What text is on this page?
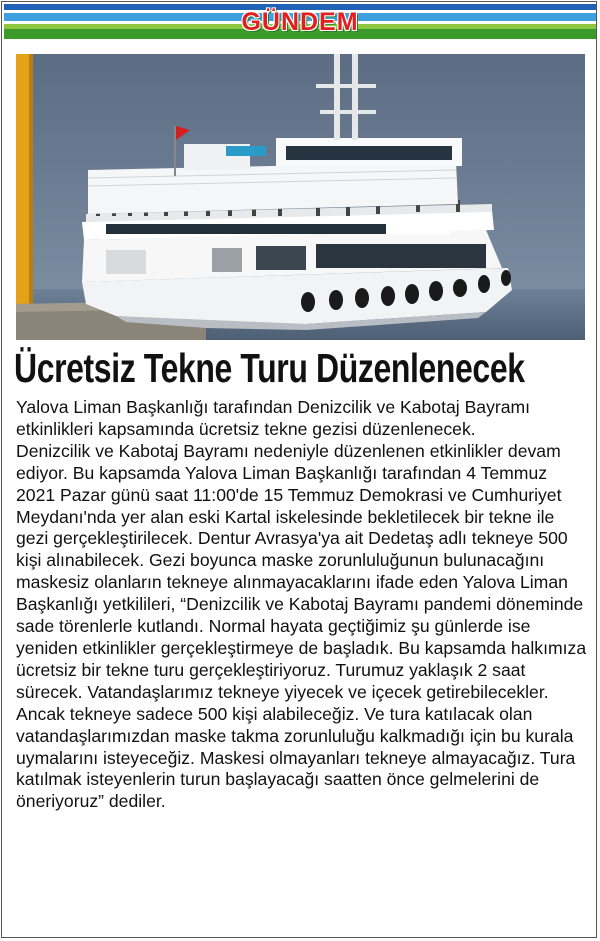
GÜNDEM
Ücretsiz Tekne Turu Düzenlenecek

Yalova Liman Başkanlığı tarafından Denizcilik ve Kabotaj Bayramı etkinlikleri kapsamında ücretsiz tekne gezisi düzenlenecek.

Denizcilik ve Kabotaj Bayramı nedeniyle düzenlenen etkinlikler devam ediyor. Bu kapsamda Yalova Liman Başkanlığı tarafından 4 Temmuz 2021 Pazar günü saat 11:00'de 15 Temmuz Demokrasi ve Cumhuriyet Meydanı'nda yer alan eski Kartal iskelesinde bekletilecek bir tekne ile gezi gerçekleştirilecek. Dentur Avrasya'ya ait Dedetaş adlı tekneye 500 kişi alınabilecek. Gezi boyunca maske zorunluluğunun bulunacağını maskesiz olanların tekneye alınmayacaklarını ifade eden Yalova Liman Başkanlığı yetkilileri, “Denizcilik ve Kabotaj Bayramı pandemi döneminde sade törenlerle kutlandı. Normal hayata geçtiğimiz şu günlerde ise yeniden etkinlikler gerçekleştirmeye de başladık. Bu kapsamda halkımıza ücretsiz bir tekne turu gerçekleştiriyoruz. Turumuz yaklaşık 2 saat sürecek. Vatandaşlarımız tekneye yiyecek ve içecek getirebilecekler. Ancak tekneye sadece 500 kişi alabileceğiz. Ve tura katılacak olan vatandaşlarımızdan maske takma zorunluluğu kalkmadığı için bu kurala uymalarını isteyeceğiz. Maskesi olmayanları tekneye almayacağız. Tura katılmak isteyenlerin turun başlayacağı saatten önce gelmelerini de öneriyoruz” dediler.
